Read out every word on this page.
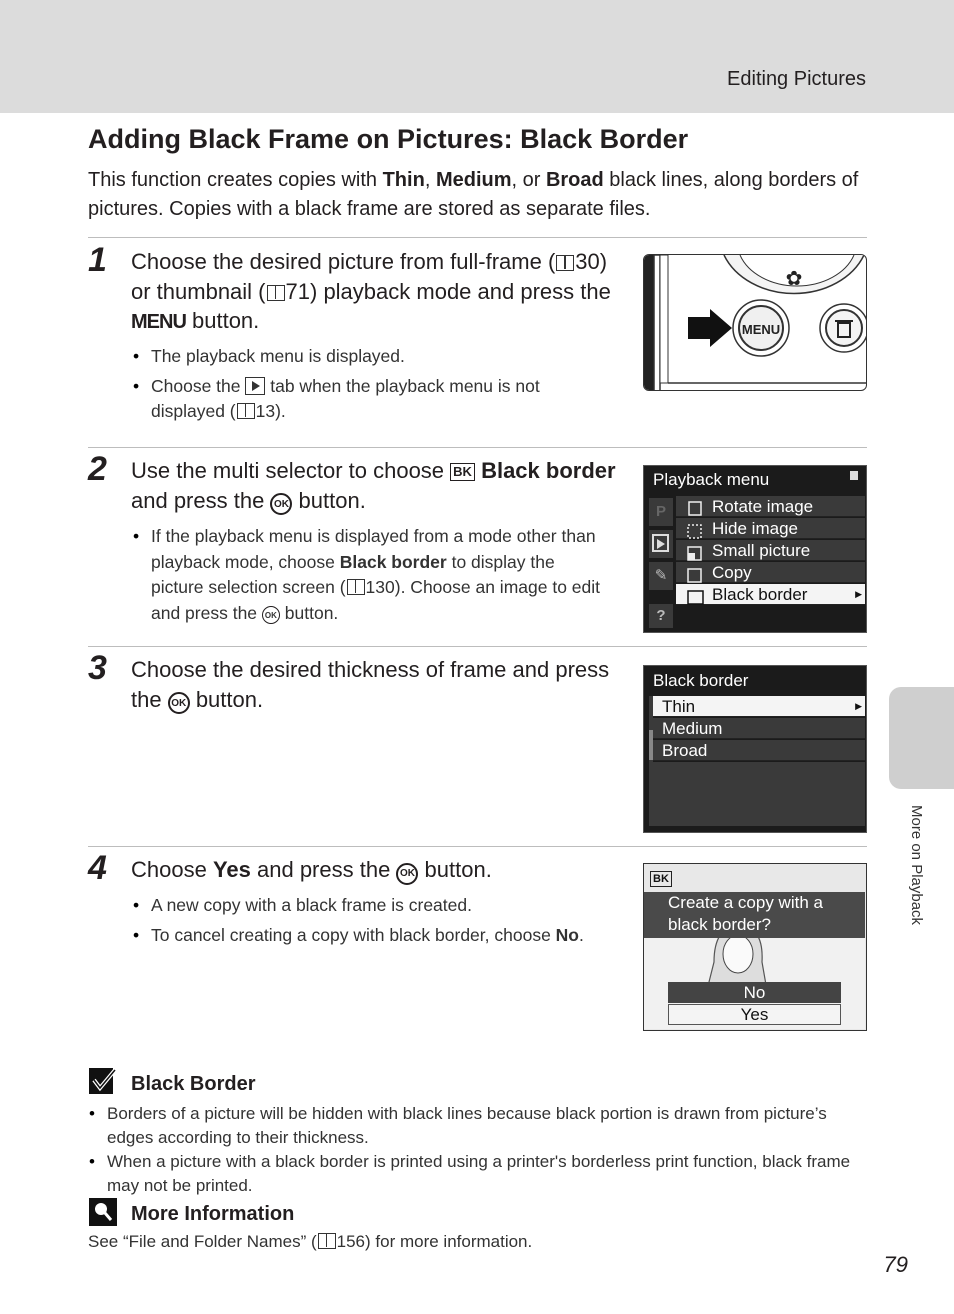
Editing Pictures
Adding Black Frame on Pictures: Black Border

This function creates copies with Thin, Medium, or Broad black lines, along borders of pictures. Copies with a black frame are stored as separate files.

1 Choose the desired picture from full-frame ( 30) or thumbnail ( 71) playback mode and press the MENU button.
• The playback menu is displayed.
• Choose the  tab when the playback menu is not displayed ( 13).
✿
MENU
2 Use the multi selector to choose BK Black border and press the OK button.
• If the playback menu is displayed from a mode other than playback mode, choose Black border to display the picture selection screen ( 130). Choose an image to edit and press the OK button.
Playback menu
P
✎
?
Rotate image
Hide image
Small picture
Copy
Black border	▶
3 Choose the desired thickness of frame and press the OK button.
Black border
Thin	▶
Medium
Broad
4 Choose Yes and press the OK button.
• A new copy with a black frame is created.
• To cancel creating a copy with black border, choose No.
BK
Create a copy with a
black border?
No
Yes
Black Border
• Borders of a picture will be hidden with black lines because black portion is drawn from picture’s edges according to their thickness.
• When a picture with a black border is printed using a printer's borderless print function, black frame may not be printed.
More Information
See “File and Folder Names” ( 156) for more information.
More on Playback
79
